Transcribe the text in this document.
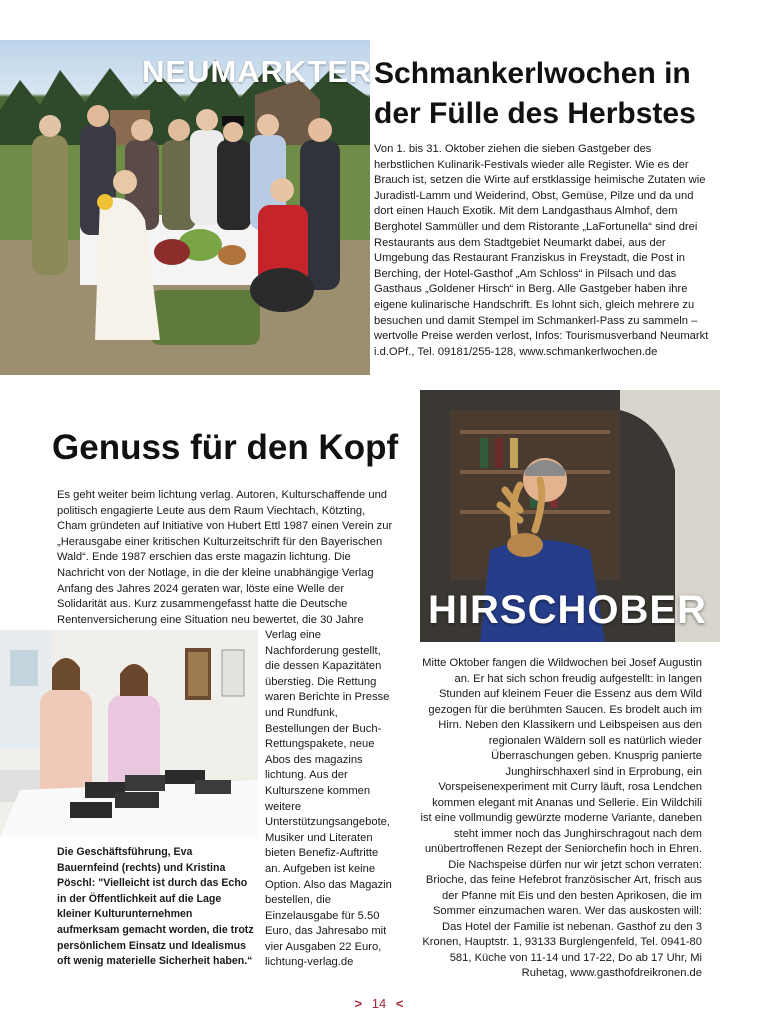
NEUMARKTER Schmankerlwochen in
der Fülle des Herbstes

Von 1. bis 31. Oktober ziehen die sieben Gastgeber des herbstlichen Kulinarik-Festivals wieder alle Register. Wie es der Brauch ist, setzen die Wirte auf erstklassige heimische Zutaten wie Juradistl-Lamm und Weiderind, Obst, Gemüse, Pilze und da und dort einen Hauch Exotik. Mit dem Landgasthaus Almhof, dem Berghotel Sammüller und dem Ristorante „LaFortunella“ sind drei Restaurants aus dem Stadtgebiet Neumarkt dabei, aus der Umgebung das Restaurant Franziskus in Freystadt, die Post in Berching, der Hotel-Gasthof „Am Schloss“ in Pilsach und das Gasthaus „Goldener Hirsch“ in Berg. Alle Gastgeber haben ihre eigene kulinarische Handschrift. Es lohnt sich, gleich mehrere zu besuchen und damit Stempel im Schmankerl-Pass zu sammeln – wertvolle Preise werden verlost, Infos: Tourismusverband Neumarkt i.d.OPf., Tel. 09181/255-128, www.schmankerlwochen.de

Genuss für den Kopf

Es geht weiter beim lichtung verlag. Autoren, Kulturschaffende und politisch engagierte Leute aus dem Raum Viechtach, Kötzting, Cham gründeten auf Initiative von Hubert Ettl 1987 einen Verein zur „Herausgabe einer kritischen Kulturzeitschrift für den Bayerischen Wald“. Ende 1987 erschien das erste magazin lichtung. Die Nachricht von der Notlage, in die der kleine unabhängige Verlag Anfang des Jahres 2024 geraten war, löste eine Welle der Solidarität aus. Kurz zusammengefasst hatte die Deutsche Rentenversicherung eine Situation neu bewertet, die 30 Jahre

Verlag eine Nachforderung gestellt, die dessen Kapazitäten überstieg. Die Rettung waren Berichte in Presse und Rundfunk, Bestellungen der Buch-Rettungspakete, neue Abos des magazins lichtung. Aus der Kulturszene kommen weitere Unterstützungsangebote, Musiker und Literaten bieten Benefiz-Auftritte an. Aufgeben ist keine Option. Also das Magazin bestellen, die Einzelausgabe für 5.50 Euro, das Jahresabo mit vier Ausgaben 22 Euro, lichtung-verlag.de

Die Geschäftsführung, Eva Bauernfeind (rechts) und Kristina Pöschl: "Vielleicht ist durch das Echo in der Öffentlichkeit auf die Lage kleiner Kulturunternehmen aufmerksam gemacht worden, die trotz persönlichem Einsatz und Idealismus oft wenig materielle Sicherheit haben.“

HIRSCHOBER

Mitte Oktober fangen die Wildwochen bei Josef Augustin an. Er hat sich schon freudig aufgestellt: in langen Stunden auf kleinem Feuer die Essenz aus dem Wild gezogen für die berühmten Saucen. Es brodelt auch im Hirn. Neben den Klassikern und Leibspeisen aus den regionalen Wäldern soll es natürlich wieder Überraschungen geben. Knusprig panierte Junghirschhaxerl sind in Erprobung, ein Vorspeisenexperiment mit Curry läuft, rosa Lendchen kommen elegant mit Ananas und Sellerie. Ein Wildchili ist eine vollmundig gewürzte moderne Variante, daneben steht immer noch das Junghirschragout nach dem unübertroffenen Rezept der Seniorchefin hoch in Ehren. Die Nachspeise dürfen nur wir jetzt schon verraten: Brioche, das feine Hefebrot französischer Art, frisch aus der Pfanne mit Eis und den besten Aprikosen, die im Sommer einzumachen waren. Wer das auskosten will: Das Hotel der Familie ist nebenan. Gasthof zu den 3 Kronen, Hauptstr. 1, 93133 Burglengenfeld, Tel. 0941-80 581, Küche von 11-14 und 17-22, Do ab 17 Uhr, Mi Ruhetag, www.gasthofdreikronen.de

> 14 <
